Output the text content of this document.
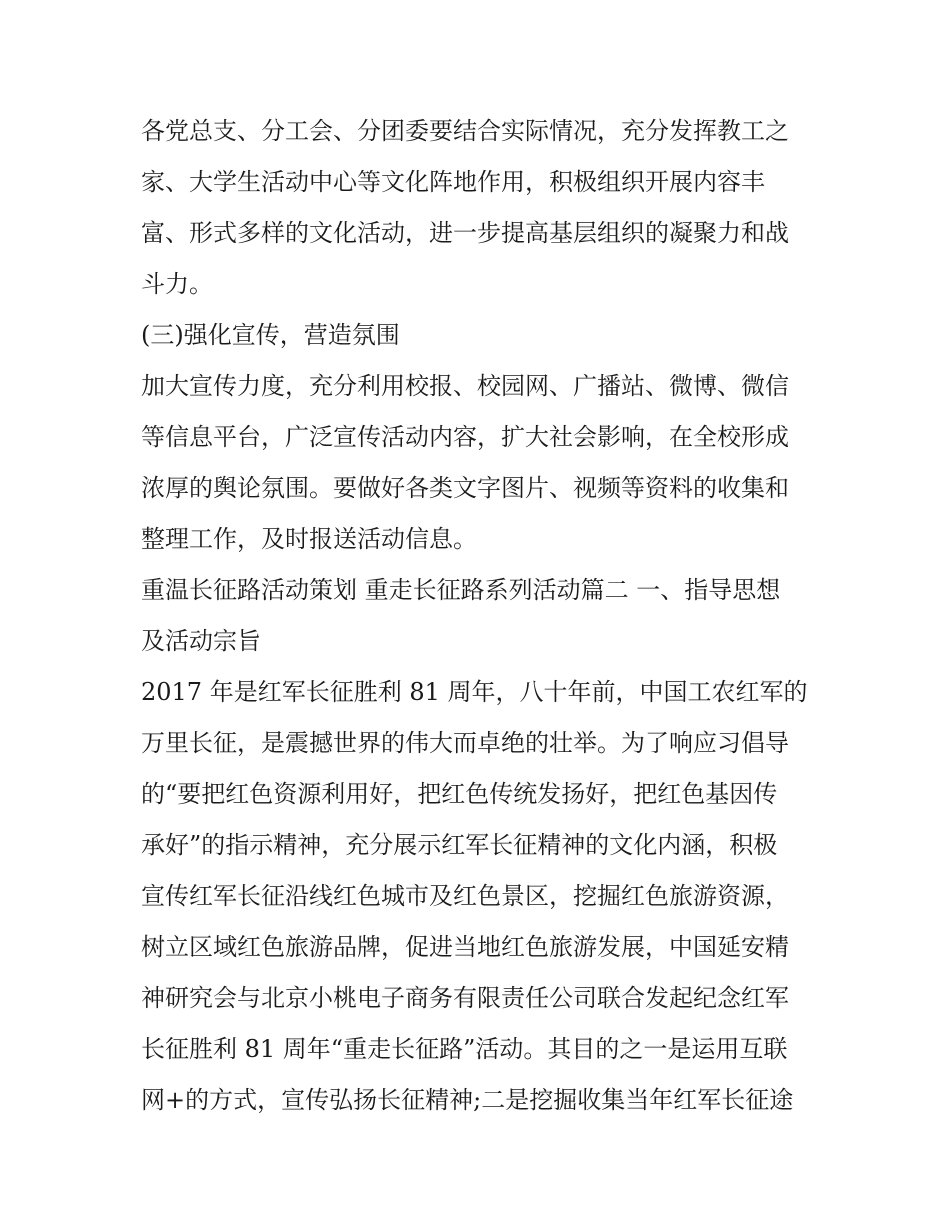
各党总支、分工会、分团委要结合实际情况，充分发挥教工之
家、大学生活动中心等文化阵地作用，积极组织开展内容丰
富、形式多样的文化活动，进一步提高基层组织的凝聚力和战
斗力。
(三)强化宣传，营造氛围
加大宣传力度，充分利用校报、校园网、广播站、微博、微信
等信息平台，广泛宣传活动内容，扩大社会影响，在全校形成
浓厚的舆论氛围。要做好各类文字图片、视频等资料的收集和
整理工作，及时报送活动信息。
重温长征路活动策划 重走长征路系列活动篇二 一、指导思想
及活动宗旨
2017 年是红军长征胜利 81 周年，八十年前，中国工农红军的
万里长征，是震撼世界的伟大而卓绝的壮举。为了响应习倡导
的“要把红色资源利用好，把红色传统发扬好，把红色基因传
承好”的指示精神，充分展示红军长征精神的文化内涵，积极
宣传红军长征沿线红色城市及红色景区，挖掘红色旅游资源，
树立区域红色旅游品牌，促进当地红色旅游发展，中国延安精
神研究会与北京小桃电子商务有限责任公司联合发起纪念红军
长征胜利 81 周年“重走长征路”活动。其目的之一是运用互联
网+的方式，宣传弘扬长征精神;二是挖掘收集当年红军长征途
